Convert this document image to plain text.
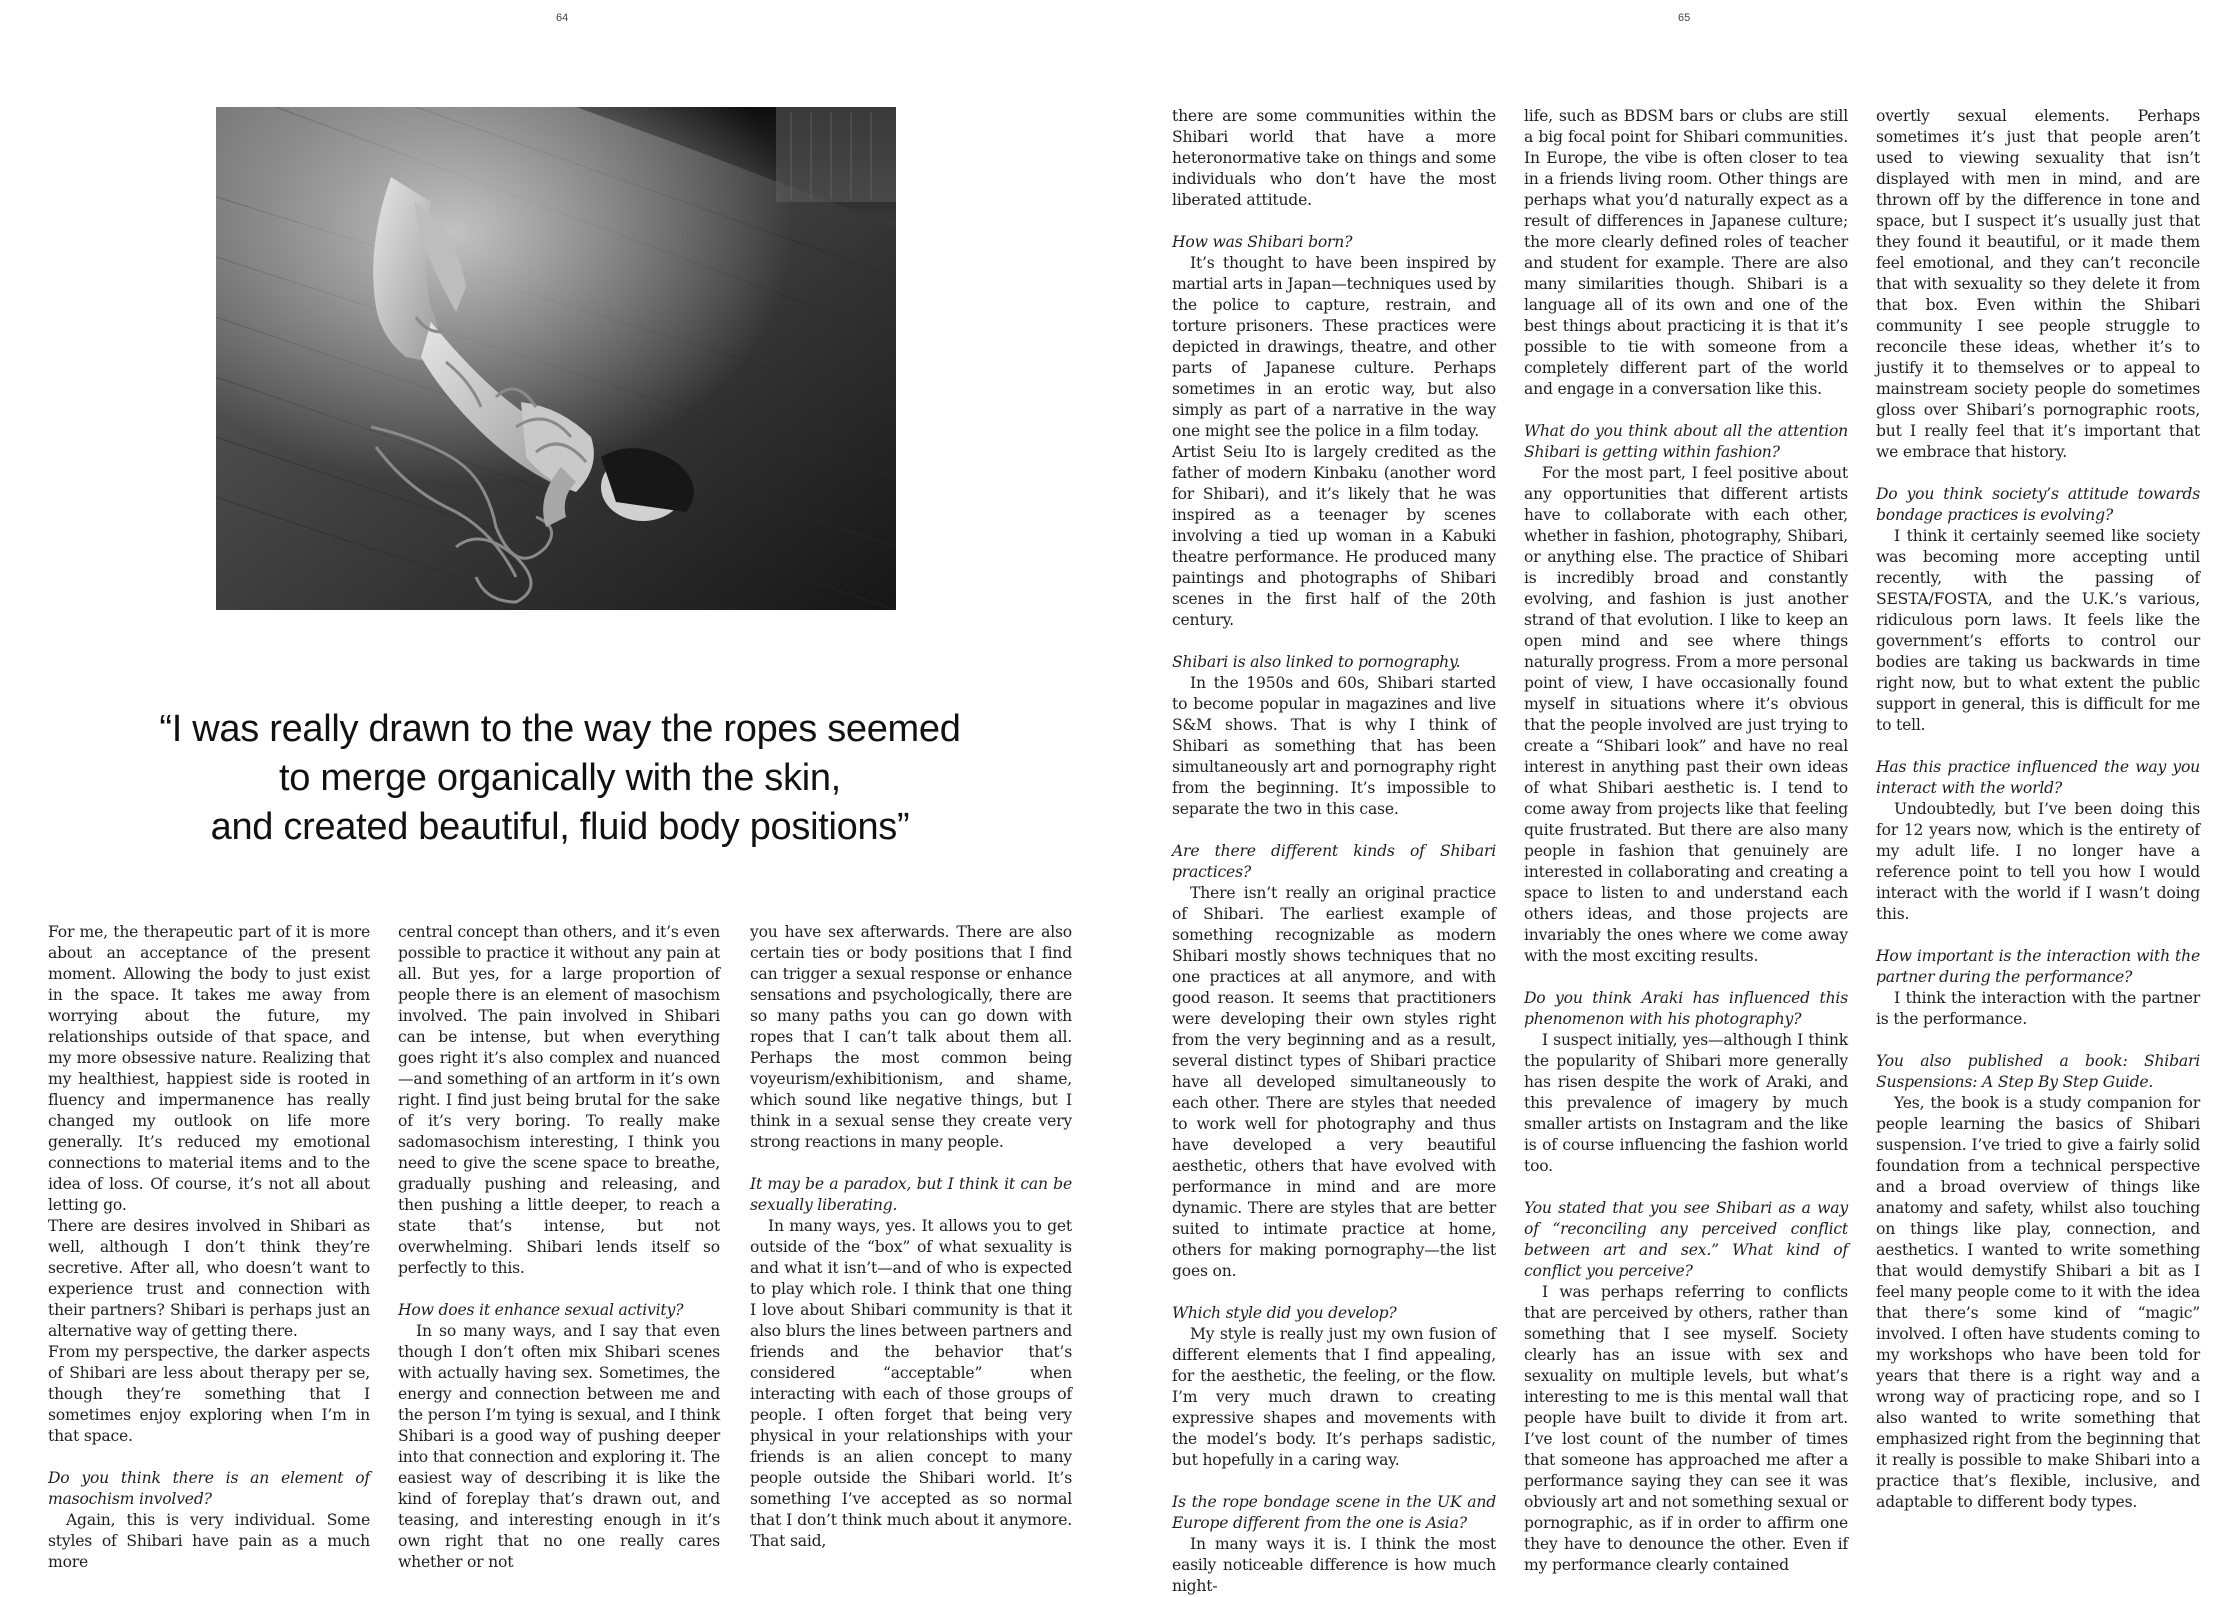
64

“I was really drawn to the way the ropes seemed
to merge organically with the skin,
and created beautiful, fluid body positions”

For me, the therapeutic part of it is more about an acceptance of the present moment. Allowing the body to just exist in the space. It takes me away from worrying about the future, my relationships outside of that space, and my more obsessive nature. Realizing that my healthiest, happiest side is rooted in fluency and impermanence has really changed my outlook on life more generally. It’s reduced my emotional connections to material items and to the idea of loss. Of course, it’s not all about letting go.

There are desires involved in Shibari as well, although I don’t think they’re secretive. After all, who doesn’t want to experience trust and connection with their partners? Shibari is perhaps just an alternative way of getting there.

From my perspective, the darker aspects of Shibari are less about therapy per se, though they’re something that I sometimes enjoy exploring when I’m in that space.

Do you think there is an element of masochism involved?

Again, this is very individual. Some styles of Shibari have pain as a much more

central concept than others, and it’s even possible to practice it without any pain at all. But yes, for a large proportion of people there is an element of masochism involved. The pain involved in Shibari can be intense, but when everything goes right it’s also complex and nuanced—and something of an artform in it’s own right. I find just being brutal for the sake of it’s very boring. To really make sadomasochism interesting, I think you need to give the scene space to breathe, gradually pushing and releasing, and then pushing a little deeper, to reach a state that’s intense, but not overwhelming. Shibari lends itself so perfectly to this.

How does it enhance sexual activity?

In so many ways, and I say that even though I don’t often mix Shibari scenes with actually having sex. Sometimes, the energy and connection between me and the person I’m tying is sexual, and I think Shibari is a good way of pushing deeper into that connection and exploring it. The easiest way of describing it is like the kind of foreplay that’s drawn out, and teasing, and interesting enough in it’s own right that no one really cares whether or not

you have sex afterwards. There are also certain ties or body positions that I find can trigger a sexual response or enhance sensations and psychologically, there are so many paths you can go down with ropes that I can’t talk about them all. Perhaps the most common being voyeurism/exhibitionism, and shame, which sound like negative things, but I think in a sexual sense they create very strong reactions in many people.

It may be a paradox, but I think it can be sexually liberating.

In many ways, yes. It allows you to get outside of the “box” of what sexuality is and what it isn’t—and of who is expected to play which role. I think that one thing I love about Shibari community is that it also blurs the lines between partners and friends and the behavior that’s considered “acceptable” when interacting with each of those groups of people. I often forget that being very physical in your relationships with your friends is an alien concept to many people outside the Shibari world. It’s something I’ve accepted as so normal that I don’t think much about it anymore. That said,

65

there are some communities within the Shibari world that have a more heteronormative take on things and some individuals who don’t have the most liberated attitude.

How was Shibari born?

It’s thought to have been inspired by martial arts in Japan—techniques used by the police to capture, restrain, and torture prisoners. These practices were depicted in drawings, theatre, and other parts of Japanese culture. Perhaps sometimes in an erotic way, but also simply as part of a narrative in the way one might see the police in a film today.

Artist Seiu Ito is largely credited as the father of modern Kinbaku (another word for Shibari), and it’s likely that he was inspired as a teenager by scenes involving a tied up woman in a Kabuki theatre performance. He produced many paintings and photographs of Shibari scenes in the first half of the 20th century.

Shibari is also linked to pornography.

In the 1950s and 60s, Shibari started to become popular in magazines and live S&M shows. That is why I think of Shibari as something that has been simultaneously art and pornography right from the beginning. It’s impossible to separate the two in this case.

Are there different kinds of Shibari practices?

There isn’t really an original practice of Shibari. The earliest example of something recognizable as modern Shibari mostly shows techniques that no one practices at all anymore, and with good reason. It seems that practitioners were developing their own styles right from the very beginning and as a result, several distinct types of Shibari practice have all developed simultaneously to each other. There are styles that needed to work well for photography and thus have developed a very beautiful aesthetic, others that have evolved with performance in mind and are more dynamic. There are styles that are better suited to intimate practice at home, others for making pornography—the list goes on.

Which style did you develop?

My style is really just my own fusion of different elements that I find appealing, for the aesthetic, the feeling, or the flow. I’m very much drawn to creating expressive shapes and movements with the model’s body. It’s perhaps sadistic, but hopefully in a caring way.

Is the rope bondage scene in the UK and Europe different from the one is Asia?

In many ways it is. I think the most easily noticeable difference is how much night-

life, such as BDSM bars or clubs are still a big focal point for Shibari communities. In Europe, the vibe is often closer to tea in a friends living room. Other things are perhaps what you’d naturally expect as a result of differences in Japanese culture; the more clearly defined roles of teacher and student for example. There are also many similarities though. Shibari is a language all of its own and one of the best things about practicing it is that it’s possible to tie with someone from a completely different part of the world and engage in a conversation like this.

What do you think about all the attention Shibari is getting within fashion?

For the most part, I feel positive about any opportunities that different artists have to collaborate with each other, whether in fashion, photography, Shibari, or anything else. The practice of Shibari is incredibly broad and constantly evolving, and fashion is just another strand of that evolution. I like to keep an open mind and see where things naturally progress. From a more personal point of view, I have occasionally found myself in situations where it’s obvious that the people involved are just trying to create a “Shibari look” and have no real interest in anything past their own ideas of what Shibari aesthetic is. I tend to come away from projects like that feeling quite frustrated. But there are also many people in fashion that genuinely are interested in collaborating and creating a space to listen to and understand each others ideas, and those projects are invariably the ones where we come away with the most exciting results.

Do you think Araki has influenced this phenomenon with his photography?

I suspect initially, yes—although I think the popularity of Shibari more generally has risen despite the work of Araki, and this prevalence of imagery by much smaller artists on Instagram and the like is of course influencing the fashion world too.

You stated that you see Shibari as a way of “reconciling any perceived conflict between art and sex.” What kind of conflict you perceive?

I was perhaps referring to conflicts that are perceived by others, rather than something that I see myself. Society clearly has an issue with sex and sexuality on multiple levels, but what’s interesting to me is this mental wall that people have built to divide it from art. I’ve lost count of the number of times that someone has approached me after a performance saying they can see it was obviously art and not something sexual or pornographic, as if in order to affirm one they have to denounce the other. Even if my performance clearly contained

overtly sexual elements. Perhaps sometimes it’s just that people aren’t used to viewing sexuality that isn’t displayed with men in mind, and are thrown off by the difference in tone and space, but I suspect it’s usually just that they found it beautiful, or it made them feel emotional, and they can’t reconcile that with sexuality so they delete it from that box. Even within the Shibari community I see people struggle to reconcile these ideas, whether it’s to justify it to themselves or to appeal to mainstream society people do sometimes gloss over Shibari’s pornographic roots, but I really feel that it’s important that we embrace that history.

Do you think society’s attitude towards bondage practices is evolving?

I think it certainly seemed like society was becoming more accepting until recently, with the passing of SESTA/FOSTA, and the U.K.’s various, ridiculous porn laws. It feels like the government’s efforts to control our bodies are taking us backwards in time right now, but to what extent the public support in general, this is difficult for me to tell.

Has this practice influenced the way you interact with the world?

Undoubtedly, but I’ve been doing this for 12 years now, which is the entirety of my adult life. I no longer have a reference point to tell you how I would interact with the world if I wasn’t doing this.

How important is the interaction with the partner during the performance?

I think the interaction with the partner is the performance.

You also published a book: Shibari Suspensions: A Step By Step Guide.

Yes, the book is a study companion for people learning the basics of Shibari suspension. I’ve tried to give a fairly solid foundation from a technical perspective and a broad overview of things like anatomy and safety, whilst also touching on things like play, connection, and aesthetics. I wanted to write something that would demystify Shibari a bit as I feel many people come to it with the idea that there’s some kind of “magic” involved. I often have students coming to my workshops who have been told for years that there is a right way and a wrong way of practicing rope, and so I also wanted to write something that emphasized right from the beginning that it really is possible to make Shibari into a practice that’s flexible, inclusive, and adaptable to different body types.
